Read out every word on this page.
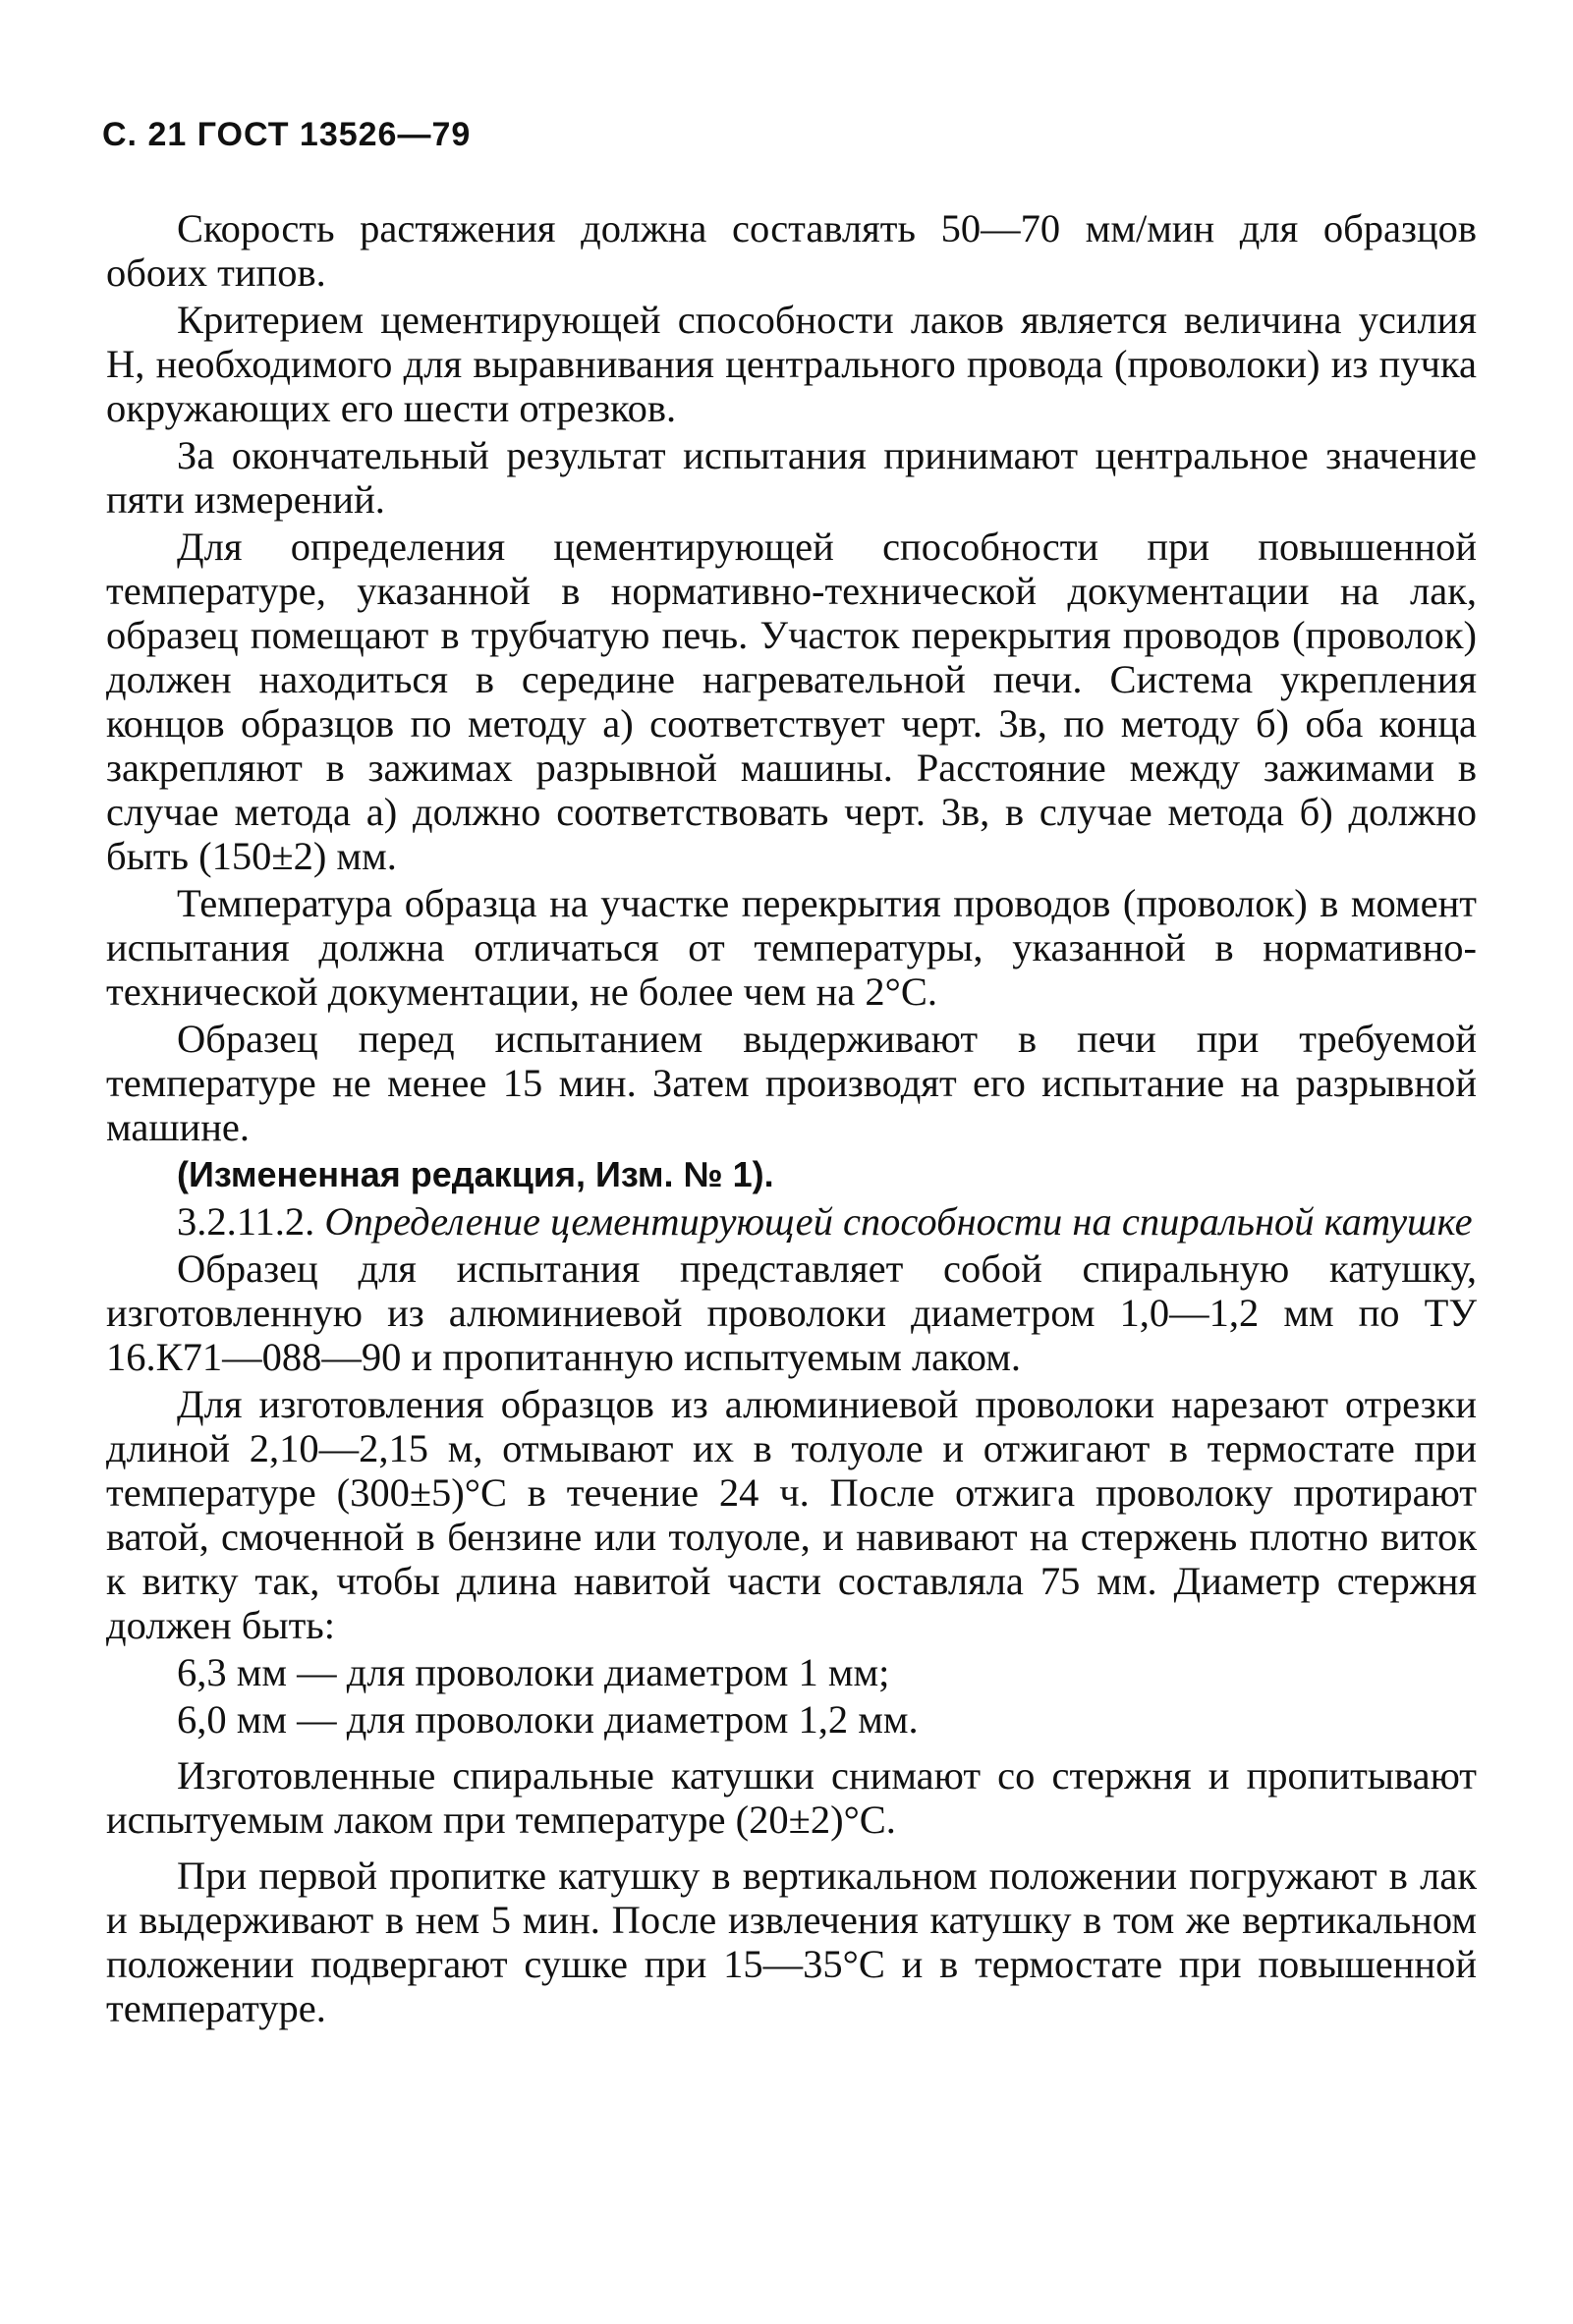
С. 21 ГОСТ 13526—79

Скорость растяжения должна составлять 50—70 мм/мин для образцов обоих типов.

Критерием цементирующей способности лаков является величина усилия Н, необходимого для выравнивания центрального провода (проволоки) из пучка окружающих его шести отрезков.

За окончательный результат испытания принимают центральное значение пяти измерений.

Для определения цементирующей способности при повышенной температуре, указанной в нормативно-технической документации на лак, образец помещают в трубчатую печь. Участок перекрытия проводов (проволок) должен находиться в середине нагревательной печи. Система укрепления концов образцов по методу а) соответствует черт. 3в, по методу б) оба конца закрепляют в зажимах разрывной машины. Расстояние между зажимами в случае метода а) должно соответствовать черт. 3в, в случае метода б) должно быть (150±2) мм.

Температура образца на участке перекрытия проводов (проволок) в момент испытания должна отличаться от температуры, указанной в нормативно-технической документации, не более чем на 2°С.

Образец перед испытанием выдерживают в печи при требуемой температуре не менее 15 мин. Затем производят его испытание на разрывной машине.

(Измененная редакция, Изм. № 1).

3.2.11.2. Определение цементирующей способности на спиральной катушке

Образец для испытания представляет собой спиральную катушку, изготовленную из алюминиевой проволоки диаметром 1,0—1,2 мм по ТУ 16.К71—088—90 и пропитанную испытуемым лаком.

Для изготовления образцов из алюминиевой проволоки нарезают отрезки длиной 2,10—2,15 м, отмывают их в толуоле и отжигают в термостате при температуре (300±5)°С в течение 24 ч. После отжига проволоку протирают ватой, смоченной в бензине или толуоле, и навивают на стержень плотно виток к витку так, чтобы длина навитой части составляла 75 мм. Диаметр стержня должен быть:

6,3 мм — для проволоки диаметром 1 мм;

6,0 мм — для проволоки диаметром 1,2 мм.

Изготовленные спиральные катушки снимают со стержня и пропитывают испытуемым лаком при температуре (20±2)°С.

При первой пропитке катушку в вертикальном положении погружают в лак и выдерживают в нем 5 мин. После извлечения катушку в том же вертикальном положении подвергают сушке при 15—35°С и в термостате при повышенной температуре.
